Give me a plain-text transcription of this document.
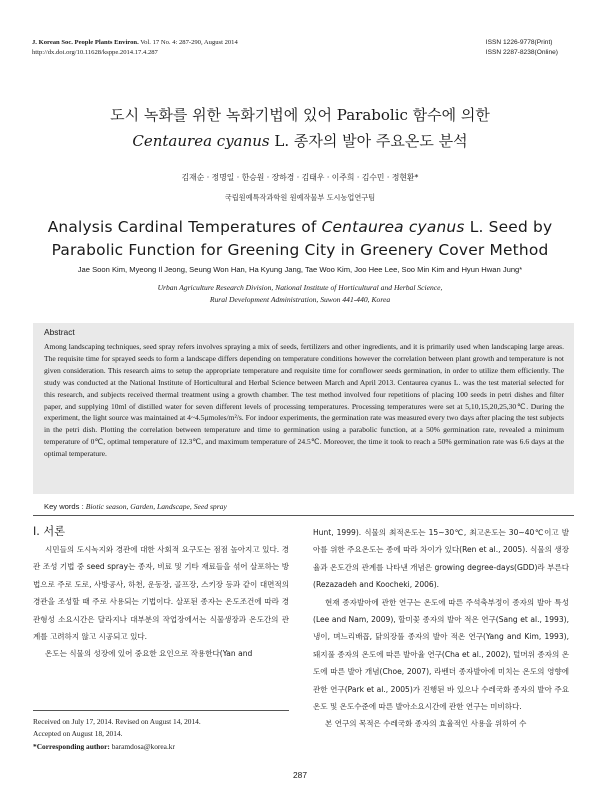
J. Korean Soc. People Plants Environ. Vol. 17 No. 4: 287-290, August 2014
http://dx.doi.org/10.11628/ksppe.2014.17.4.287
ISSN 1226-9778(Print)
ISSN 2287-8238(Online)
도시 녹화를 위한 녹화기법에 있어 Parabolic 함수에 의한
Centaurea cyanus L. 종자의 발아 주요온도 분석
김재순 · 정명일 · 한승원 · 장하경 · 김태우 · 이주희 · 김수민 · 정현환*
국립원예특작과학원 원예작물부 도시농업연구팀
Analysis Cardinal Temperatures of Centaurea cyanus L. Seed by
Parabolic Function for Greening City in Greenery Cover Method
Jae Soon Kim, Myeong Il Jeong, Seung Won Han, Ha Kyung Jang, Tae Woo Kim, Joo Hee Lee, Soo Min Kim and Hyun Hwan Jung*
Urban Agriculture Research Division, National Institute of Horticultural and Herbal Science,
Rural Development Administration, Suwon 441-440, Korea
Abstract
Among landscaping techniques, seed spray refers involves spraying a mix of seeds, fertilizers and other ingredients, and it is primarily used when landscaping large areas. The requisite time for sprayed seeds to form a landscape differs depending on temperature conditions however the correlation between plant growth and temperature is not given consideration. This research aims to setup the appropriate temperature and requisite time for cornflower seeds germination, in order to utilize them efficiently. The study was conducted at the National Institute of Horticultural and Herbal Science between March and April 2013. Centaurea cyanus L. was the test material selected for this research, and subjects received thermal treatment using a growth chamber. The test method involved four repetitions of placing 100 seeds in petri dishes and filter paper, and supplying 10ml of distilled water for seven different levels of processing temperatures. Processing temperatures were set at 5,10,15,20,25,30℃. During the experiment, the light source was maintained at 4~4.5μmoles/m²/s. For indoor experiments, the germination rate was measured every two days after placing the test subjects in the petri dish. Plotting the correlation between temperature and time to germination using a parabolic function, at a 50% germination rate, revealed a minimum temperature of 0℃, optimal temperature of 12.3℃, and maximum temperature of 24.5℃. Moreover, the time it took to reach a 50% germination rate was 6.6 days at the optimal temperature.
Key words : Biotic season, Garden, Landscape, Seed spray
I. 서론

시민들의 도시녹지와 경관에 대한 사회적 요구도는 점점 높아지고 있다. 경관 조성 기법 중 seed spray는 종자, 비료 및 기타 재료들을 섞어 살포하는 방법으로 주로 도로, 사방공사, 하천, 운동장, 골프장, 스키장 등과 같이 대면적의 경관을 조성할 때 주로 사용되는 기법이다. 살포된 종자는 온도조건에 따라 경관형성 소요시간은 달라지나 대부분의 작업장에서는 식물생장과 온도간의 관계를 고려하지 않고 시공되고 있다.

온도는 식물의 성장에 있어 중요한 요인으로 작용한다(Yan and

Hunt, 1999). 식물의 최적온도는 15~30℃, 최고온도는 30~40℃이고 발아를 위한 주요온도는 종에 따라 차이가 있다(Ren et al., 2005). 식물의 생장율과 온도간의 관계를 나타낸 개념은 growing degree-days(GDD)라 부른다(Rezazadeh and Koocheki, 2006).

현재 종자발아에 관한 연구는 온도에 따른 주석축부정이 종자의 발아 특성(Lee and Nam, 2009), 할미꽃 종자의 발아 적온 연구(Sang et al., 1993), 냉이, 며느리배꼽, 닭의장풀 종자의 발아 적온 연구(Yang and Kim, 1993), 돼지풀 종자의 온도에 따른 발아율 연구(Cha et al., 2002), 털머위 종자의 온도에 따른 발아 개념(Choe, 2007), 라벤더 종자발아에 미치는 온도의 영향에 관한 연구(Park et al., 2005)가 진행된 바 있으나 수레국화 종자의 발아 주요온도 및 온도수준에 따른 발아소요시간에 관한 연구는 미비하다.

본 연구의 목적은 수레국화 종자의 효율적인 사용을 위하여 수

Received on July 17, 2014. Revised on August 14, 2014.
Accepted on August 18, 2014.
*Corresponding author: baramdosa@korea.kr
287
